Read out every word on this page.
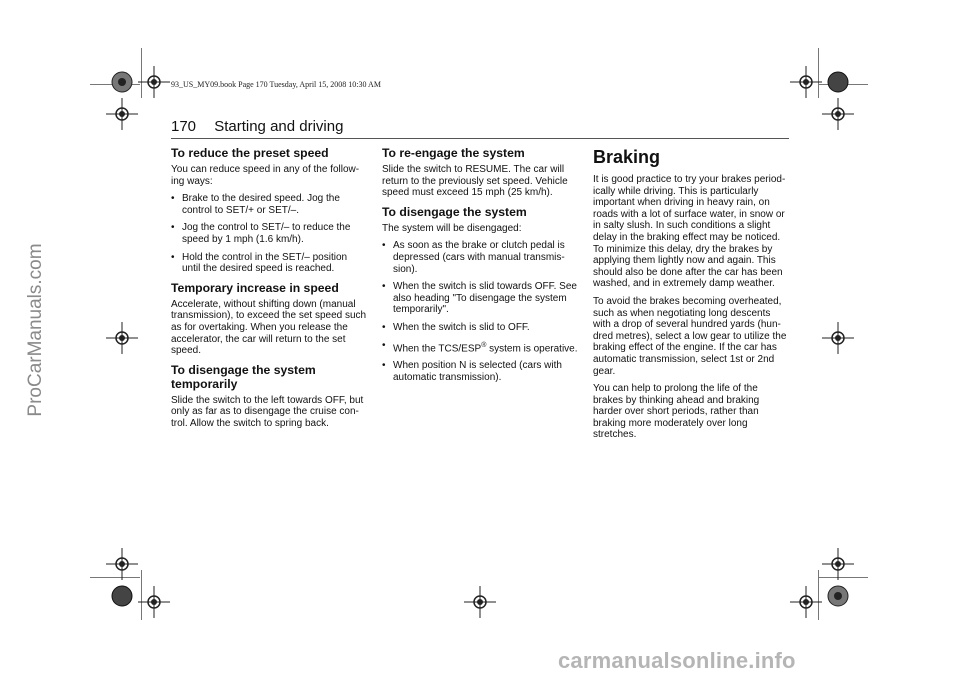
93_US_MY09.book Page 170 Tuesday, April 15, 2008 10:30 AM
ProCarManuals.com
170 Starting and driving
To reduce the preset speed

You can reduce speed in any of the follow-ing ways:

• Brake to the desired speed. Jog the control to SET/+ or SET/–.
• Jog the control to SET/– to reduce the speed by 1 mph (1.6 km/h).
• Hold the control in the SET/– position until the desired speed is reached.
Temporary increase in speed

Accelerate, without shifting down (manual transmission), to exceed the set speed such as for overtaking. When you release the accelerator, the car will return to the set speed.

To disengage the system temporarily

Slide the switch to the left towards OFF, but only as far as to disengage the cruise con-trol. Allow the switch to spring back.

To re-engage the system

Slide the switch to RESUME. The car will return to the previously set speed. Vehicle speed must exceed 15 mph (25 km/h).

To disengage the system

The system will be disengaged:

• As soon as the brake or clutch pedal is depressed (cars with manual transmis-sion).
• When the switch is slid towards OFF. See also heading "To disengage the system temporarily".
• When the switch is slid to OFF.
• When the TCS/ESP® system is operative.
• When position N is selected (cars with automatic transmission).
Braking

It is good practice to try your brakes period-ically while driving. This is particularly important when driving in heavy rain, on roads with a lot of surface water, in snow or in salty slush. In such conditions a slight delay in the braking effect may be noticed. To minimize this delay, dry the brakes by applying them lightly now and again. This should also be done after the car has been washed, and in extremely damp weather.

To avoid the brakes becoming overheated, such as when negotiating long descents with a drop of several hundred yards (hun-dred metres), select a low gear to utilize the braking effect of the engine. If the car has automatic transmission, select 1st or 2nd gear.

You can help to prolong the life of the brakes by thinking ahead and braking harder over short periods, rather than braking more moderately over long stretches.

carmanualsonline.info
